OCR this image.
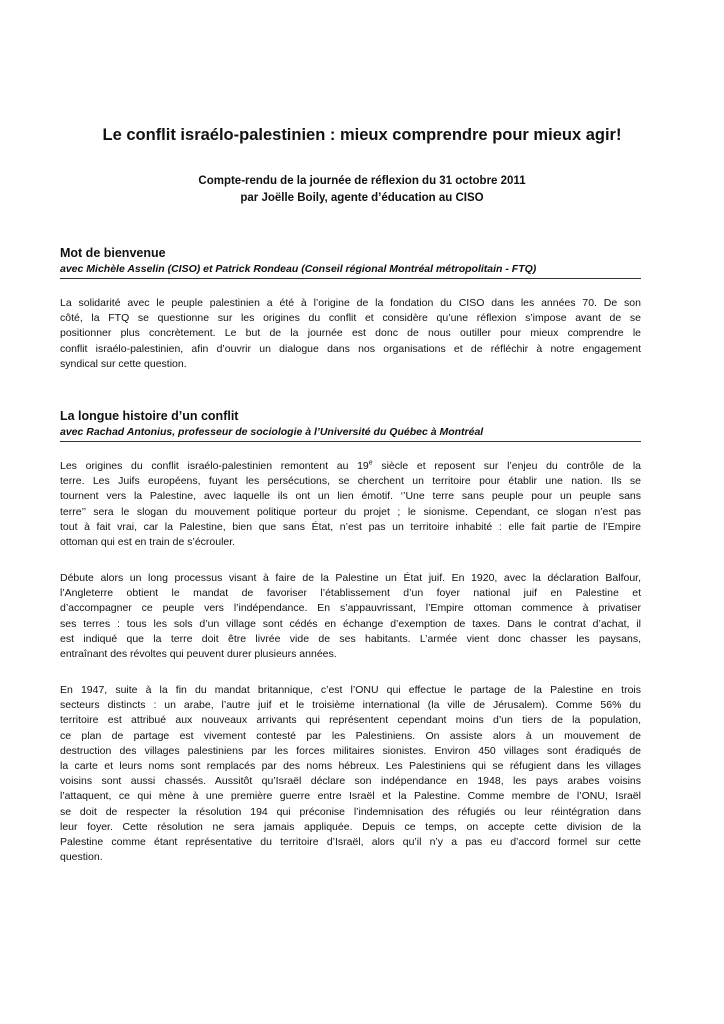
Le conflit israélo-palestinien : mieux comprendre pour mieux agir!
Compte-rendu de la journée de réflexion du 31 octobre 2011
par Joëlle Boily, agente d’éducation au CISO
Mot de bienvenue
avec Michèle Asselin (CISO) et Patrick Rondeau (Conseil régional Montréal métropolitain - FTQ)
La solidarité avec le peuple palestinien a été à l’origine de la fondation du CISO dans les années 70. De son
côté, la FTQ se questionne sur les origines du conflit et considère qu’une réflexion s’impose avant de se
positionner plus concrètement. Le but de la journée est donc de nous outiller pour mieux comprendre le
conflit israélo-palestinien, afin d’ouvrir un dialogue dans nos organisations et de réfléchir à notre engagement
syndical sur cette question.
La longue histoire d’un conflit
avec Rachad Antonius, professeur de sociologie à l’Université du Québec à Montréal
Les origines du conflit israélo-palestinien remontent au 19e siècle et reposent sur l’enjeu du contrôle de la
terre. Les Juifs européens, fuyant les persécutions, se cherchent un territoire pour établir une nation. Ils se
tournent vers la Palestine, avec laquelle ils ont un lien émotif. ‘’Une terre sans peuple pour un peuple sans
terre’’ sera le slogan du mouvement politique porteur du projet ; le sionisme. Cependant, ce slogan n’est pas
tout à fait vrai, car la Palestine, bien que sans État, n’est pas un territoire inhabité : elle fait partie de l’Empire
ottoman qui est en train de s’écrouler.
Débute alors un long processus visant à faire de la Palestine un État juif. En 1920, avec la déclaration Balfour,
l’Angleterre obtient le mandat de favoriser l’établissement d’un foyer national juif en Palestine et
d’accompagner ce peuple vers l’indépendance. En s’appauvrissant, l’Empire ottoman commence à privatiser
ses terres : tous les sols d’un village sont cédés en échange d’exemption de taxes. Dans le contrat d’achat, il
est indiqué que la terre doit être livrée vide de ses habitants. L’armée vient donc chasser les paysans,
entraînant des révoltes qui peuvent durer plusieurs années.
En 1947, suite à la fin du mandat britannique, c’est l’ONU qui effectue le partage de la Palestine en trois
secteurs distincts : un arabe, l’autre juif et le troisième international (la ville de Jérusalem). Comme 56% du
territoire est attribué aux nouveaux arrivants qui représentent cependant moins d’un tiers de la population,
ce plan de partage est vivement contesté par les Palestiniens. On assiste alors à un mouvement de
destruction des villages palestiniens par les forces militaires sionistes. Environ 450 villages sont éradiqués de
la carte et leurs noms sont remplacés par des noms hébreux. Les Palestiniens qui se réfugient dans les villages
voisins sont aussi chassés. Aussitôt qu’Israël déclare son indépendance en 1948, les pays arabes voisins
l’attaquent, ce qui mène à une première guerre entre Israël et la Palestine. Comme membre de l’ONU, Israël
se doit de respecter la résolution 194 qui préconise l’indemnisation des réfugiés ou leur réintégration dans
leur foyer. Cette résolution ne sera jamais appliquée. Depuis ce temps, on accepte cette division de la
Palestine comme étant représentative du territoire d’Israël, alors qu’il n’y a pas eu d’accord formel sur cette
question.
